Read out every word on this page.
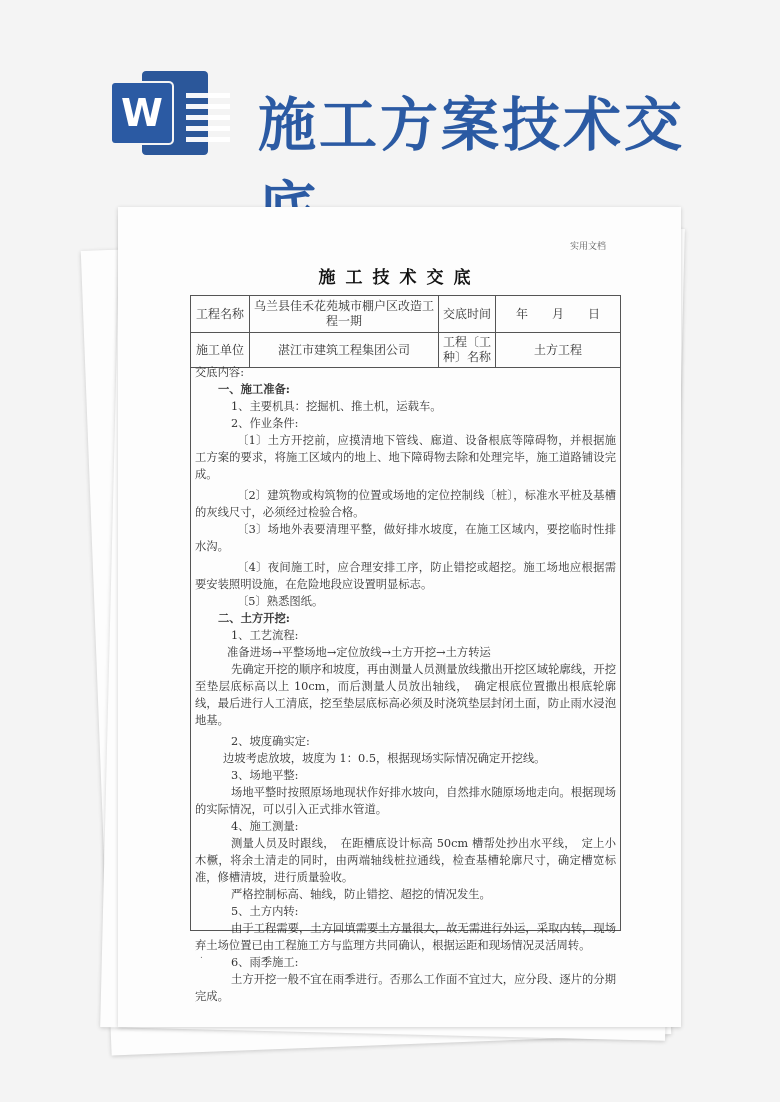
W 施工方案技术交
实用文档
施工技术交底
工程名称	乌兰县佳禾花苑城市棚户区改造工程一期	交底时间	年　　月　　日
施工单位	湛江市建筑工程集团公司	工程〔工种〕名称	土方工程

交底内容:

一、施工准备:

1、主要机具：挖掘机、推土机，运载车。

2、作业条件:

〔1〕土方开挖前，应摸清地下管线、廊道、设备根底等障碍物，并根据施工方案的要求，将施工区域内的地上、地下障碍物去除和处理完毕，施工道路铺设完成。

〔2〕建筑物或构筑物的位置或场地的定位控制线〔桩〕，标准水平桩及基槽的灰线尺寸，必须经过检验合格。

〔3〕场地外表要清理平整，做好排水坡度，在施工区域内，要挖临时性排水沟。

〔4〕夜间施工时，应合理安排工序，防止错挖或超挖。施工场地应根据需要安装照明设施，在危险地段应设置明显标志。

〔5〕熟悉图纸。

二、土方开挖:

1、工艺流程:

准备进场→平整场地→定位放线→土方开挖→土方转运

先确定开挖的顺序和坡度，再由测量人员测量放线撒出开挖区域轮廓线，开挖至垫层底标高以上 10cm，而后测量人员放出轴线，　确定根底位置撒出根底轮廓线，最后进行人工清底，挖至垫层底标高必须及时浇筑垫层封闭土面，防止雨水浸泡地基。

2、坡度确实定:

边坡考虑放坡，坡度为 1：0.5，根据现场实际情况确定开挖线。

3、场地平整:

场地平整时按照原场地现状作好排水坡向，自然排水随原场地走向。根据现场的实际情况，可以引入正式排水管道。

4、施工测量:

测量人员及时跟线，　在距槽底设计标高 50cm 槽帮处抄出水平线，　定上小木橛，将余土清走的同时，由两端轴线桩拉通线，检查基槽轮廓尺寸，确定槽宽标准，修槽清坡，进行质量验收。

严格控制标高、轴线，防止错挖、超挖的情况发生。

5、土方内转:

由于工程需要，土方回填需要土方量很大，故无需进行外运，采取内转，现场弃土场位置已由工程施工方与监理方共同确认，根据运距和现场情况灵活周转。

6、雨季施工:

土方开挖一般不宜在雨季进行。否那么工作面不宜过大，应分段、逐片的分期完成。

.
